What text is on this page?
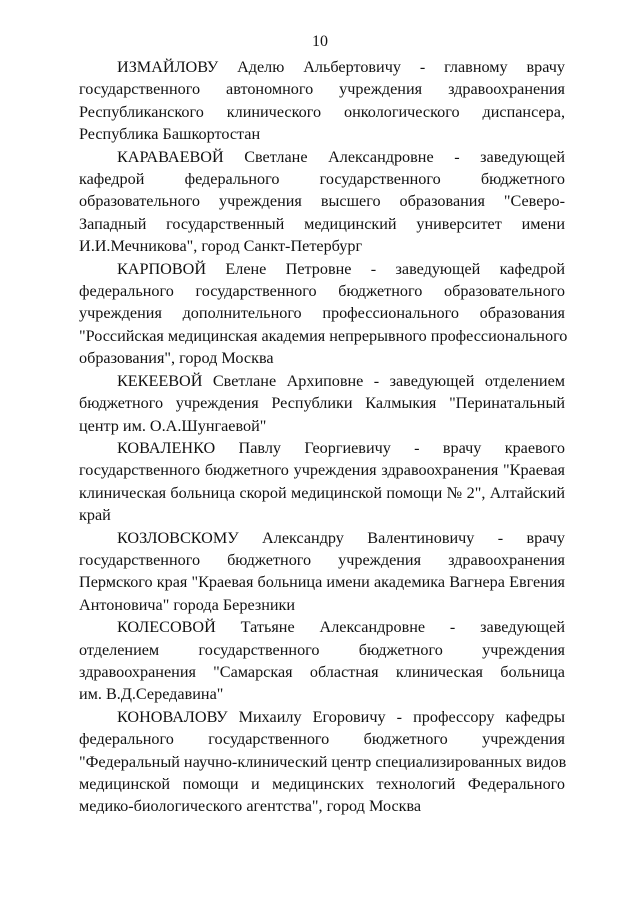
10

ИЗМАЙЛОВУ Аделю Альбертовичу - главному врачу
государственного автономного учреждения здравоохранения
Республиканского клинического онкологического диспансера,
Республика Башкортостан

КАРАВАЕВОЙ Светлане Александровне - заведующей
кафедрой федерального государственного бюджетного
образовательного учреждения высшего образования "Северо-
Западный государственный медицинский университет имени
И.И.Мечникова", город Санкт-Петербург

КАРПОВОЙ Елене Петровне - заведующей кафедрой
федерального государственного бюджетного образовательного
учреждения дополнительного профессионального образования
"Российская медицинская академия непрерывного профессионального
образования", город Москва

КЕКЕЕВОЙ Светлане Архиповне - заведующей отделением
бюджетного учреждения Республики Калмыкия "Перинатальный
центр им. О.А.Шунгаевой"

КОВАЛЕНКО Павлу Георгиевичу - врачу краевого
государственного бюджетного учреждения здравоохранения "Краевая
клиническая больница скорой медицинской помощи № 2", Алтайский
край

КОЗЛОВСКОМУ Александру Валентиновичу - врачу
государственного бюджетного учреждения здравоохранения
Пермского края "Краевая больница имени академика Вагнера Евгения
Антоновича" города Березники

КОЛЕСОВОЙ Татьяне Александровне - заведующей
отделением государственного бюджетного учреждения
здравоохранения "Самарская областная клиническая больница
им. В.Д.Середавина"

КОНОВАЛОВУ Михаилу Егоровичу - профессору кафедры
федерального государственного бюджетного учреждения
"Федеральный научно-клинический центр специализированных видов
медицинской помощи и медицинских технологий Федерального
медико-биологического агентства", город Москва
